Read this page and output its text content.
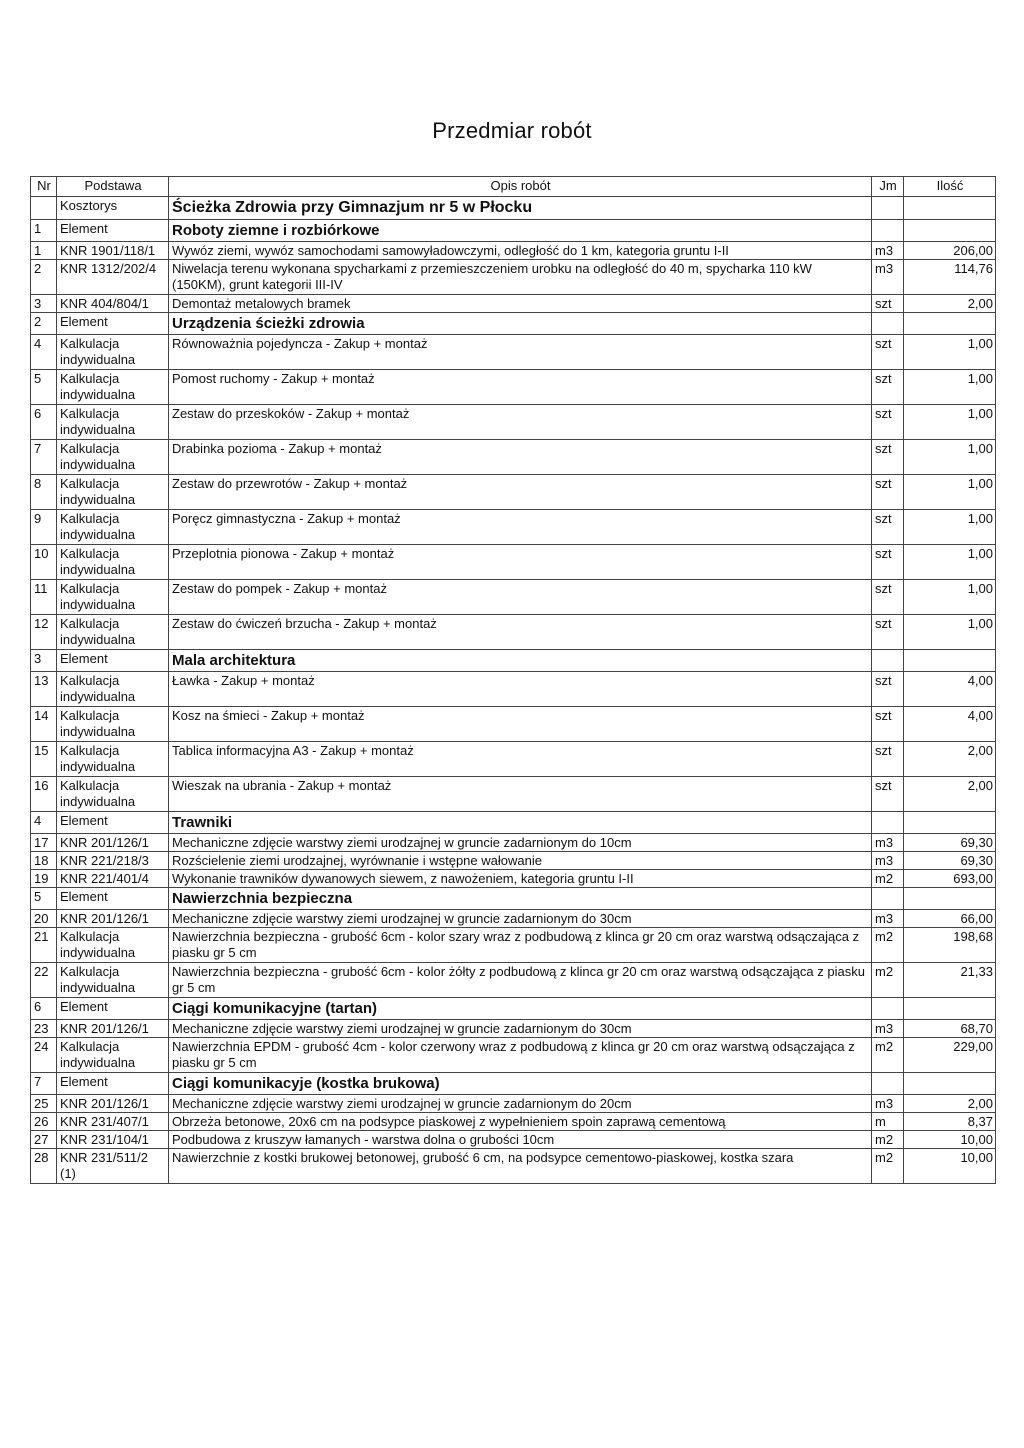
Przedmiar robót
Nr	Podstawa	Opis robót	Jm	Ilość
	Kosztorys	Ścieżka Zdrowia przy Gimnazjum nr 5 w Płocku		
1	Element	Roboty ziemne i rozbiórkowe		
1	KNR 1901/118/1	Wywóz ziemi, wywóz samochodami samowyładowczymi, odległość do 1 km, kategoria gruntu I-II	m3	206,00
2	KNR 1312/202/4	Niwelacja terenu wykonana spycharkami z przemieszczeniem urobku na odległość do 40 m, spycharka 110 kW (150KM), grunt kategorii III-IV	m3	114,76
3	KNR 404/804/1	Demontaż metalowych bramek	szt	2,00
2	Element	Urządzenia ścieżki zdrowia		
4	Kalkulacja indywidualna	Równoważnia pojedyncza - Zakup + montaż	szt	1,00
5	Kalkulacja indywidualna	Pomost ruchomy - Zakup + montaż	szt	1,00
6	Kalkulacja indywidualna	Zestaw do przeskoków - Zakup + montaż	szt	1,00
7	Kalkulacja indywidualna	Drabinka pozioma - Zakup + montaż	szt	1,00
8	Kalkulacja indywidualna	Zestaw do przewrotów - Zakup + montaż	szt	1,00
9	Kalkulacja indywidualna	Poręcz gimnastyczna - Zakup + montaż	szt	1,00
10	Kalkulacja indywidualna	Przeplotnia pionowa - Zakup + montaż	szt	1,00
11	Kalkulacja indywidualna	Zestaw do pompek - Zakup + montaż	szt	1,00
12	Kalkulacja indywidualna	Zestaw do ćwiczeń brzucha - Zakup + montaż	szt	1,00
3	Element	Mala architektura		
13	Kalkulacja indywidualna	Ławka - Zakup + montaż	szt	4,00
14	Kalkulacja indywidualna	Kosz na śmieci - Zakup + montaż	szt	4,00
15	Kalkulacja indywidualna	Tablica informacyjna A3 - Zakup + montaż	szt	2,00
16	Kalkulacja indywidualna	Wieszak na ubrania - Zakup + montaż	szt	2,00
4	Element	Trawniki		
17	KNR 201/126/1	Mechaniczne zdjęcie warstwy ziemi urodzajnej w gruncie zadarnionym do 10cm	m3	69,30
18	KNR 221/218/3	Rozścielenie ziemi urodzajnej, wyrównanie i wstępne wałowanie	m3	69,30
19	KNR 221/401/4	Wykonanie trawników dywanowych siewem, z nawożeniem, kategoria gruntu I-II	m2	693,00
5	Element	Nawierzchnia bezpieczna		
20	KNR 201/126/1	Mechaniczne zdjęcie warstwy ziemi urodzajnej w gruncie zadarnionym do 30cm	m3	66,00
21	Kalkulacja indywidualna	Nawierzchnia bezpieczna - grubość 6cm - kolor szary wraz z podbudową z klinca gr 20 cm oraz warstwą odsączająca z piasku gr 5 cm	m2	198,68
22	Kalkulacja indywidualna	Nawierzchnia bezpieczna - grubość 6cm - kolor żółty z podbudową z klinca gr 20 cm oraz warstwą odsączająca z piasku gr 5 cm	m2	21,33
6	Element	Ciągi komunikacyjne (tartan)		
23	KNR 201/126/1	Mechaniczne zdjęcie warstwy ziemi urodzajnej w gruncie zadarnionym do 30cm	m3	68,70
24	Kalkulacja indywidualna	Nawierzchnia EPDM - grubość 4cm - kolor czerwony wraz z podbudową z klinca gr 20 cm oraz warstwą odsączająca z piasku gr 5 cm	m2	229,00
7	Element	Ciągi komunikacyje (kostka brukowa)		
25	KNR 201/126/1	Mechaniczne zdjęcie warstwy ziemi urodzajnej w gruncie zadarnionym do 20cm	m3	2,00
26	KNR 231/407/1	Obrzeża betonowe, 20x6 cm na podsypce piaskowej z wypełnieniem spoin zaprawą cementową	m	8,37
27	KNR 231/104/1	Podbudowa z kruszyw łamanych - warstwa dolna o grubości 10cm	m2	10,00
28	KNR 231/511/2 (1)	Nawierzchnie z kostki brukowej betonowej, grubość 6 cm, na podsypce cementowo-piaskowej, kostka szara	m2	10,00
